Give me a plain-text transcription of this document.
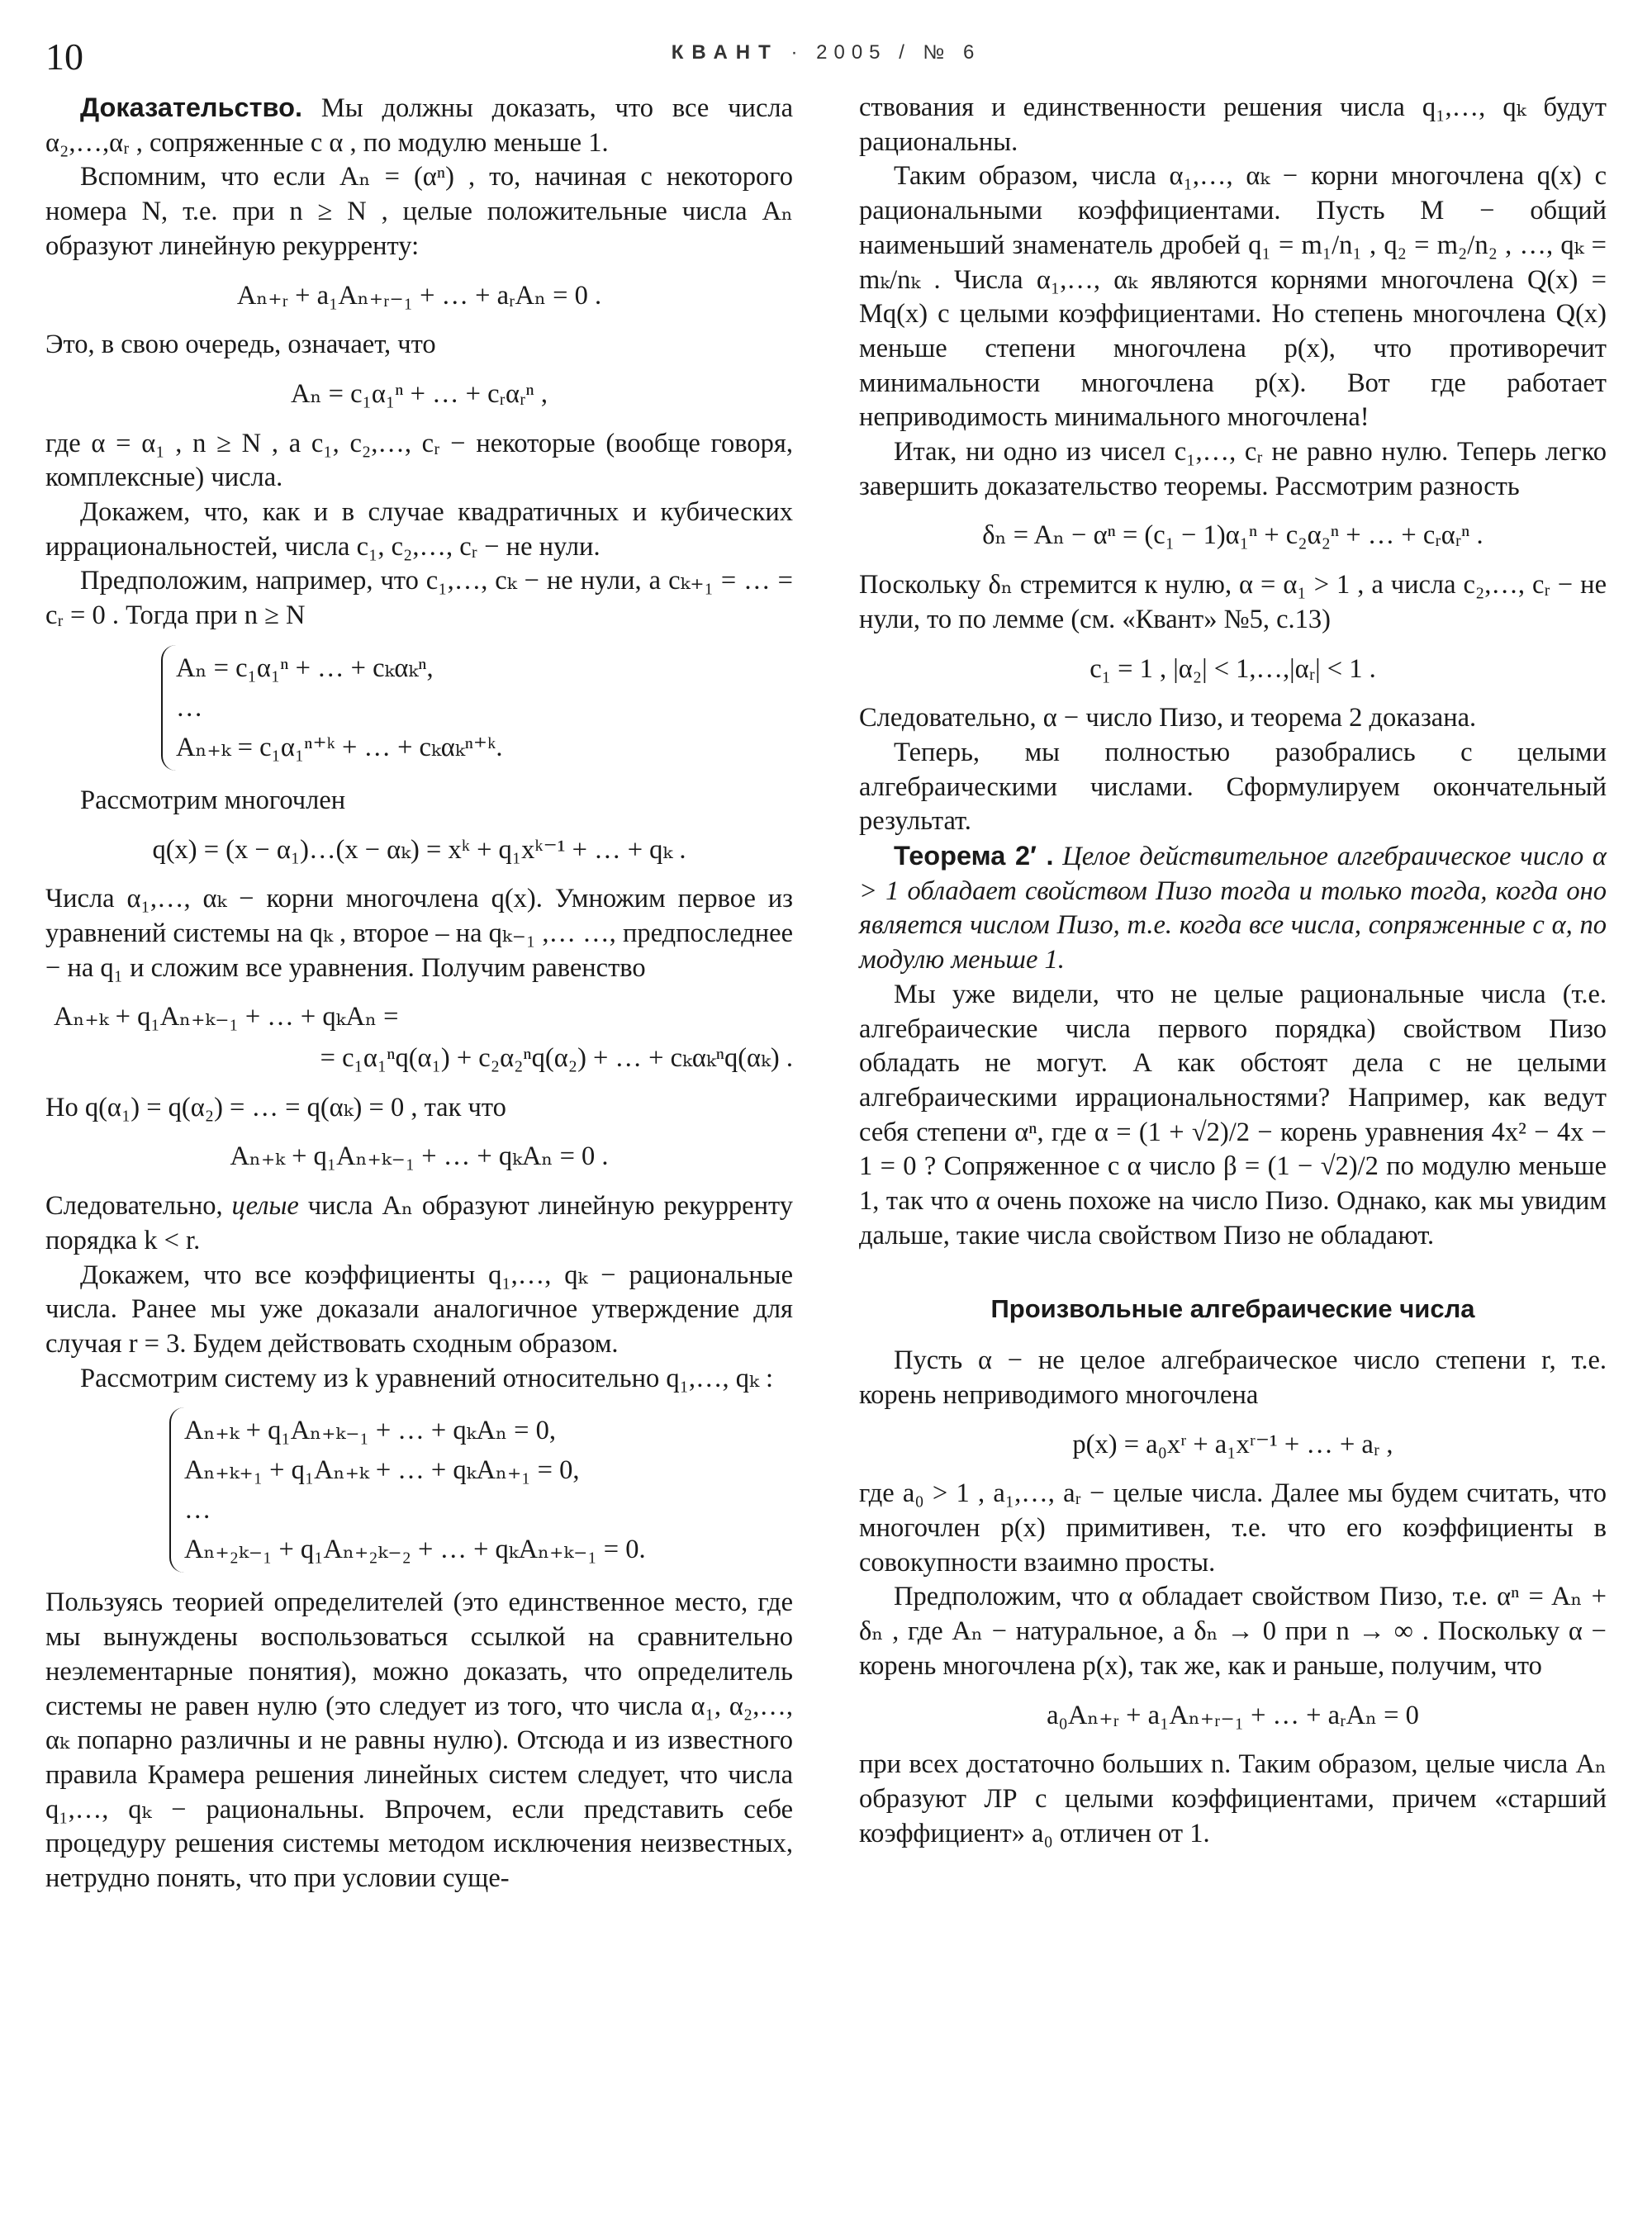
10	КВАНТ · 2005 / № 6

Доказательство. Мы должны доказать, что все числа α₂,…,αᵣ , сопряженные с α , по модулю меньше 1.

Вспомним, что если Aₙ = (αⁿ) , то, начиная с некоторого номера N, т.е. при n ≥ N , целые положительные числа Aₙ образуют линейную рекурренту:

Aₙ₊ᵣ + a₁Aₙ₊ᵣ₋₁ + … + aᵣAₙ = 0 .

Это, в свою очередь, означает, что

Aₙ = c₁α₁ⁿ + … + cᵣαᵣⁿ ,

где α = α₁ , n ≥ N , а c₁, c₂,…, cᵣ − некоторые (вообще говоря, комплексные) числа.

Докажем, что, как и в случае квадратичных и кубических иррациональностей, числа c₁, c₂,…, cᵣ − не нули.

Предположим, например, что c₁,…, cₖ − не нули, а cₖ₊₁ = … = cᵣ = 0 . Тогда при n ≥ N

Aₙ = c₁α₁ⁿ + … + cₖαₖⁿ,
…
Aₙ₊ₖ = c₁α₁ⁿ⁺ᵏ + … + cₖαₖⁿ⁺ᵏ.

Рассмотрим многочлен

q(x) = (x − α₁)…(x − αₖ) = xᵏ + q₁xᵏ⁻¹ + … + qₖ .

Числа α₁,…, αₖ − корни многочлена q(x). Умножим первое из уравнений системы на qₖ , второе – на qₖ₋₁ ,… …, предпоследнее − на q₁ и сложим все уравнения. Получим равенство

Aₙ₊ₖ + q₁Aₙ₊ₖ₋₁ + … + qₖAₙ =
= c₁α₁ⁿq(α₁) + c₂α₂ⁿq(α₂) + … + cₖαₖⁿq(αₖ) .

Но q(α₁) = q(α₂) = … = q(αₖ) = 0 , так что

Aₙ₊ₖ + q₁Aₙ₊ₖ₋₁ + … + qₖAₙ = 0 .

Следовательно, целые числа Aₙ образуют линейную рекурренту порядка k < r.

Докажем, что все коэффициенты q₁,…, qₖ − рациональные числа. Ранее мы уже доказали аналогичное утверждение для случая r = 3. Будем действовать сходным образом.

Рассмотрим систему из k уравнений относительно q₁,…, qₖ :

Aₙ₊ₖ + q₁Aₙ₊ₖ₋₁ + … + qₖAₙ = 0,
Aₙ₊ₖ₊₁ + q₁Aₙ₊ₖ + … + qₖAₙ₊₁ = 0,
…
Aₙ₊₂ₖ₋₁ + q₁Aₙ₊₂ₖ₋₂ + … + qₖAₙ₊ₖ₋₁ = 0.

Пользуясь теорией определителей (это единственное место, где мы вынуждены воспользоваться ссылкой на сравнительно неэлементарные понятия), можно доказать, что определитель системы не равен нулю (это следует из того, что числа α₁, α₂,…, αₖ попарно различны и не равны нулю). Отсюда и из известного правила Крамера решения линейных систем следует, что числа q₁,…, qₖ − рациональны. Впрочем, если представить себе процедуру решения системы методом исключения неизвестных, нетрудно понять, что при условии суще-

ствования и единственности решения числа q₁,…, qₖ будут рациональны.

Таким образом, числа α₁,…, αₖ − корни многочлена q(x) с рациональными коэффициентами. Пусть M − общий наименьший знаменатель дробей q₁ = m₁/n₁ , q₂ = m₂/n₂ , …, qₖ = mₖ/nₖ . Числа α₁,…, αₖ являются корнями многочлена Q(x) = Mq(x) с целыми коэффициентами. Но степень многочлена Q(x) меньше степени многочлена p(x), что противоречит минимальности многочлена p(x). Вот где работает неприводимость минимального многочлена!

Итак, ни одно из чисел c₁,…, cᵣ не равно нулю. Теперь легко завершить доказательство теоремы. Рассмотрим разность

δₙ = Aₙ − αⁿ = (c₁ − 1)α₁ⁿ + c₂α₂ⁿ + … + cᵣαᵣⁿ .

Поскольку δₙ стремится к нулю, α = α₁ > 1 , а числа c₂,…, cᵣ − не нули, то по лемме (см. «Квант» №5, с.13)

c₁ = 1 , |α₂| < 1,…,|αᵣ| < 1 .

Следовательно, α − число Пизо, и теорема 2 доказана.

Теперь, мы полностью разобрались с целыми алгебраическими числами. Сформулируем окончательный результат.

Теорема 2′ . Целое действительное алгебраическое число α > 1 обладает свойством Пизо тогда и только тогда, когда оно является числом Пизо, т.е. когда все числа, сопряженные с α, по модулю меньше 1.

Мы уже видели, что не целые рациональные числа (т.е. алгебраические числа первого порядка) свойством Пизо обладать не могут. А как обстоят дела с не целыми алгебраическими иррациональностями? Например, как ведут себя степени αⁿ, где α = (1 + √2)/2 − корень уравнения 4x² − 4x − 1 = 0 ? Сопряженное с α число β = (1 − √2)/2 по модулю меньше 1, так что α очень похоже на число Пизо. Однако, как мы увидим дальше, такие числа свойством Пизо не обладают.

Произвольные алгебраические числа

Пусть α − не целое алгебраическое число степени r, т.е. корень неприводимого многочлена

p(x) = a₀xʳ + a₁xʳ⁻¹ + … + aᵣ ,

где a₀ > 1 , a₁,…, aᵣ − целые числа. Далее мы будем считать, что многочлен p(x) примитивен, т.е. что его коэффициенты в совокупности взаимно просты.

Предположим, что α обладает свойством Пизо, т.е. αⁿ = Aₙ + δₙ , где Aₙ − натуральное, а δₙ → 0 при n → ∞ . Поскольку α − корень многочлена p(x), так же, как и раньше, получим, что

a₀Aₙ₊ᵣ + a₁Aₙ₊ᵣ₋₁ + … + aᵣAₙ = 0

при всех достаточно больших n. Таким образом, целые числа Aₙ образуют ЛР с целыми коэффициентами, причем «старший коэффициент» a₀ отличен от 1.
